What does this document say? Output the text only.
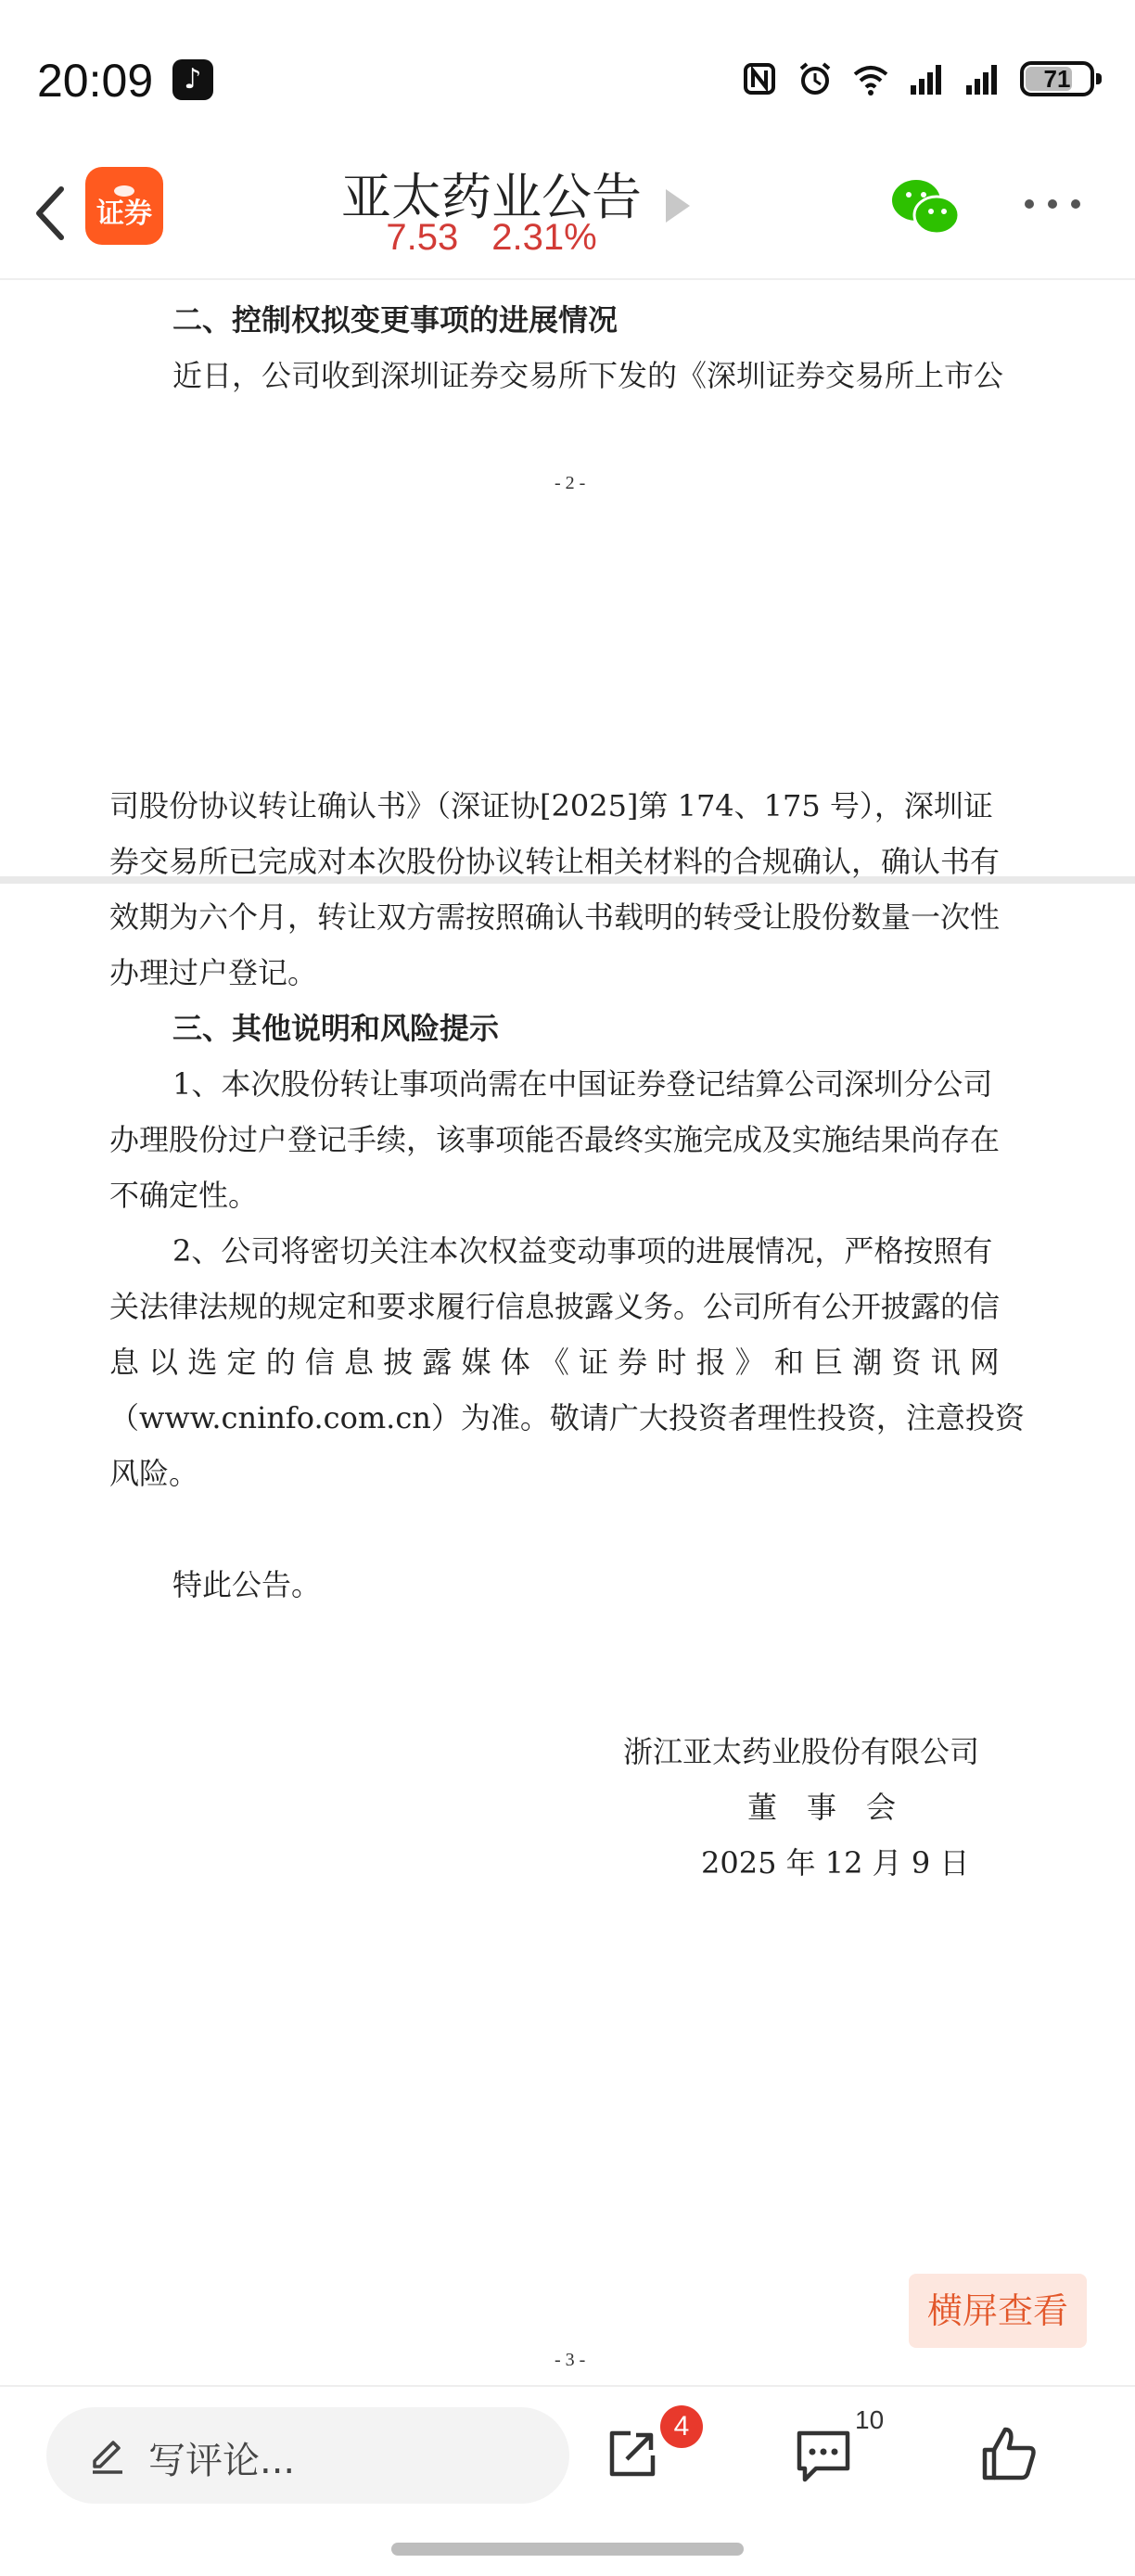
20:09	♪	71
证券	亚太药业公告
7.53 2.31%
二、控制权拟变更事项的进展情况
近日，公司收到深圳证券交易所下发的《深圳证券交易所上市公
- 2 -
司股份协议转让确认书》（深证协[2025]第 174、175 号），深圳证
券交易所已完成对本次股份协议转让相关材料的合规确认，确认书有
效期为六个月，转让双方需按照确认书载明的转受让股份数量一次性
办理过户登记。
三、其他说明和风险提示
1、本次股份转让事项尚需在中国证券登记结算公司深圳分公司
办理股份过户登记手续，该事项能否最终实施完成及实施结果尚存在
不确定性。
2、公司将密切关注本次权益变动事项的进展情况，严格按照有
关法律法规的规定和要求履行信息披露义务。公司所有公开披露的信
息 以 选 定 的 信 息 披 露 媒 体 《 证 券 时 报 》 和 巨 潮 资 讯 网
（www.cninfo.com.cn）为准。敬请广大投资者理性投资，注意投资
风险。
特此公告。
浙江亚太药业股份有限公司
董　事　会
2025 年 12 月 9 日
- 3 -
横屏查看
写评论...
4	10
